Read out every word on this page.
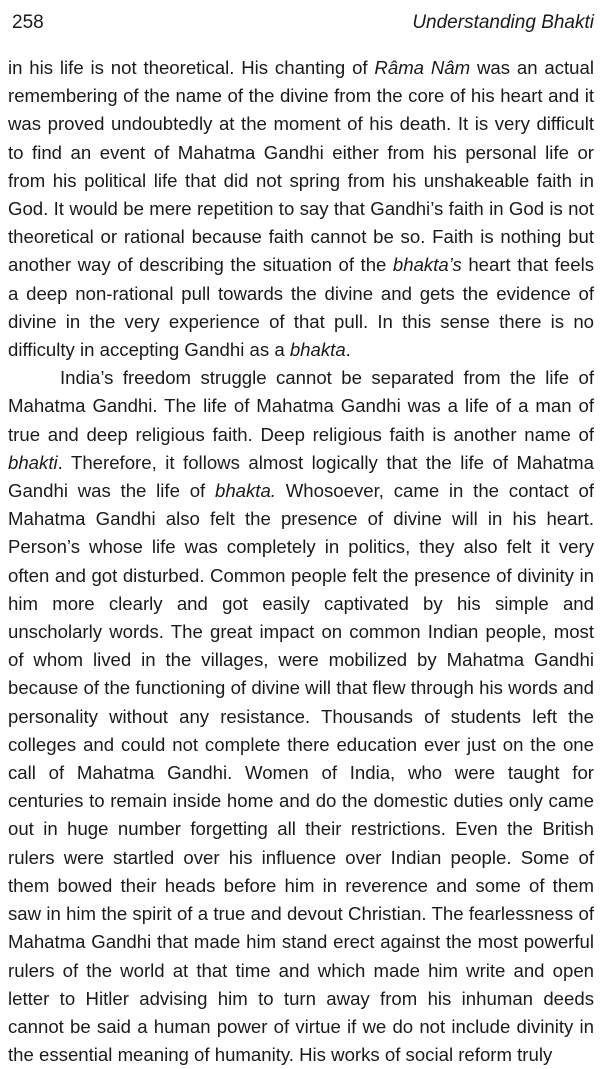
258	Understanding Bhakti

in his life is not theoretical. His chanting of Râma Nâm was an actual remembering of the name of the divine from the core of his heart and it was proved undoubtedly at the moment of his death. It is very difficult to find an event of Mahatma Gandhi either from his personal life or from his political life that did not spring from his unshakeable faith in God. It would be mere repetition to say that Gandhi’s faith in God is not theoretical or rational because faith cannot be so. Faith is nothing but another way of describing the situation of the bhakta’s heart that feels a deep non-rational pull towards the divine and gets the evidence of divine in the very experience of that pull. In this sense there is no difficulty in accepting Gandhi as a bhakta.

India’s freedom struggle cannot be separated from the life of Mahatma Gandhi. The life of Mahatma Gandhi was a life of a man of true and deep religious faith. Deep religious faith is another name of bhakti. Therefore, it follows almost logically that the life of Mahatma Gandhi was the life of bhakta. Whosoever, came in the contact of Mahatma Gandhi also felt the presence of divine will in his heart. Person’s whose life was completely in politics, they also felt it very often and got disturbed. Common people felt the presence of divinity in him more clearly and got easily captivated by his simple and unscholarly words. The great impact on common Indian people, most of whom lived in the villages, were mobilized by Mahatma Gandhi because of the functioning of divine will that flew through his words and personality without any resistance. Thousands of students left the colleges and could not complete there education ever just on the one call of Mahatma Gandhi. Women of India, who were taught for centuries to remain inside home and do the domestic duties only came out in huge number forgetting all their restrictions. Even the British rulers were startled over his influence over Indian people. Some of them bowed their heads before him in reverence and some of them saw in him the spirit of a true and devout Christian. The fearlessness of Mahatma Gandhi that made him stand erect against the most powerful rulers of the world at that time and which made him write and open letter to Hitler advising him to turn away from his inhuman deeds cannot be said a human power of virtue if we do not include divinity in the essential meaning of humanity. His works of social reform truly
